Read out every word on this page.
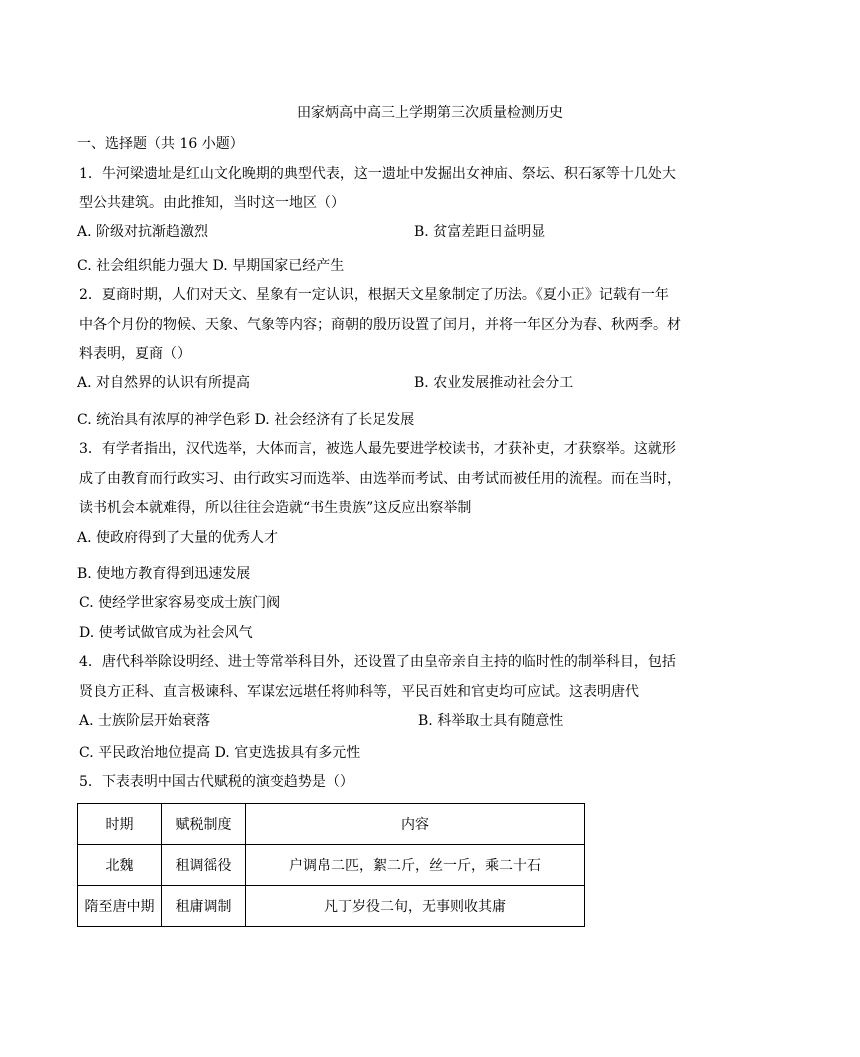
田家炳高中高三上学期第三次质量检测历史
一、选择题（共 16 小题）
1．牛河梁遗址是红山文化晚期的典型代表，这一遗址中发掘出女神庙、祭坛、积石冢等十几处大
型公共建筑。由此推知，当时这一地区（）
A. 阶级对抗渐趋激烈	B. 贫富差距日益明显
C. 社会组织能力强大 D. 早期国家已经产生
2．夏商时期，人们对天文、星象有一定认识，根据天文星象制定了历法。《夏小正》记载有一年
中各个月份的物候、天象、气象等内容；商朝的殷历设置了闰月，并将一年区分为春、秋两季。材
料表明，夏商（）
A. 对自然界的认识有所提高	B. 农业发展推动社会分工
C. 统治具有浓厚的神学色彩 D. 社会经济有了长足发展
3．有学者指出，汉代选举，大体而言，被选人最先要进学校读书，才获补吏，才获察举。这就形
成了由教育而行政实习、由行政实习而选举、由选举而考试、由考试而被任用的流程。而在当时，
读书机会本就难得，所以往往会造就“书生贵族”这反应出察举制
A. 使政府得到了大量的优秀人才
B. 使地方教育得到迅速发展
C. 使经学世家容易变成士族门阀
D. 使考试做官成为社会风气
4．唐代科举除设明经、进士等常举科目外，还设置了由皇帝亲自主持的临时性的制举科目，包括
贤良方正科、直言极谏科、军谋宏远堪任将帅科等，平民百姓和官吏均可应试。这表明唐代
A. 士族阶层开始衰落	B. 科举取士具有随意性
C. 平民政治地位提高 D. 官吏选拔具有多元性
5．下表表明中国古代赋税的演变趋势是（）
时期	赋税制度	内容
北魏	租调徭役	户调帛二匹，絮二斤，丝一斤，乘二十石
隋至唐中期	租庸调制	凡丁岁役二旬，无事则收其庸
